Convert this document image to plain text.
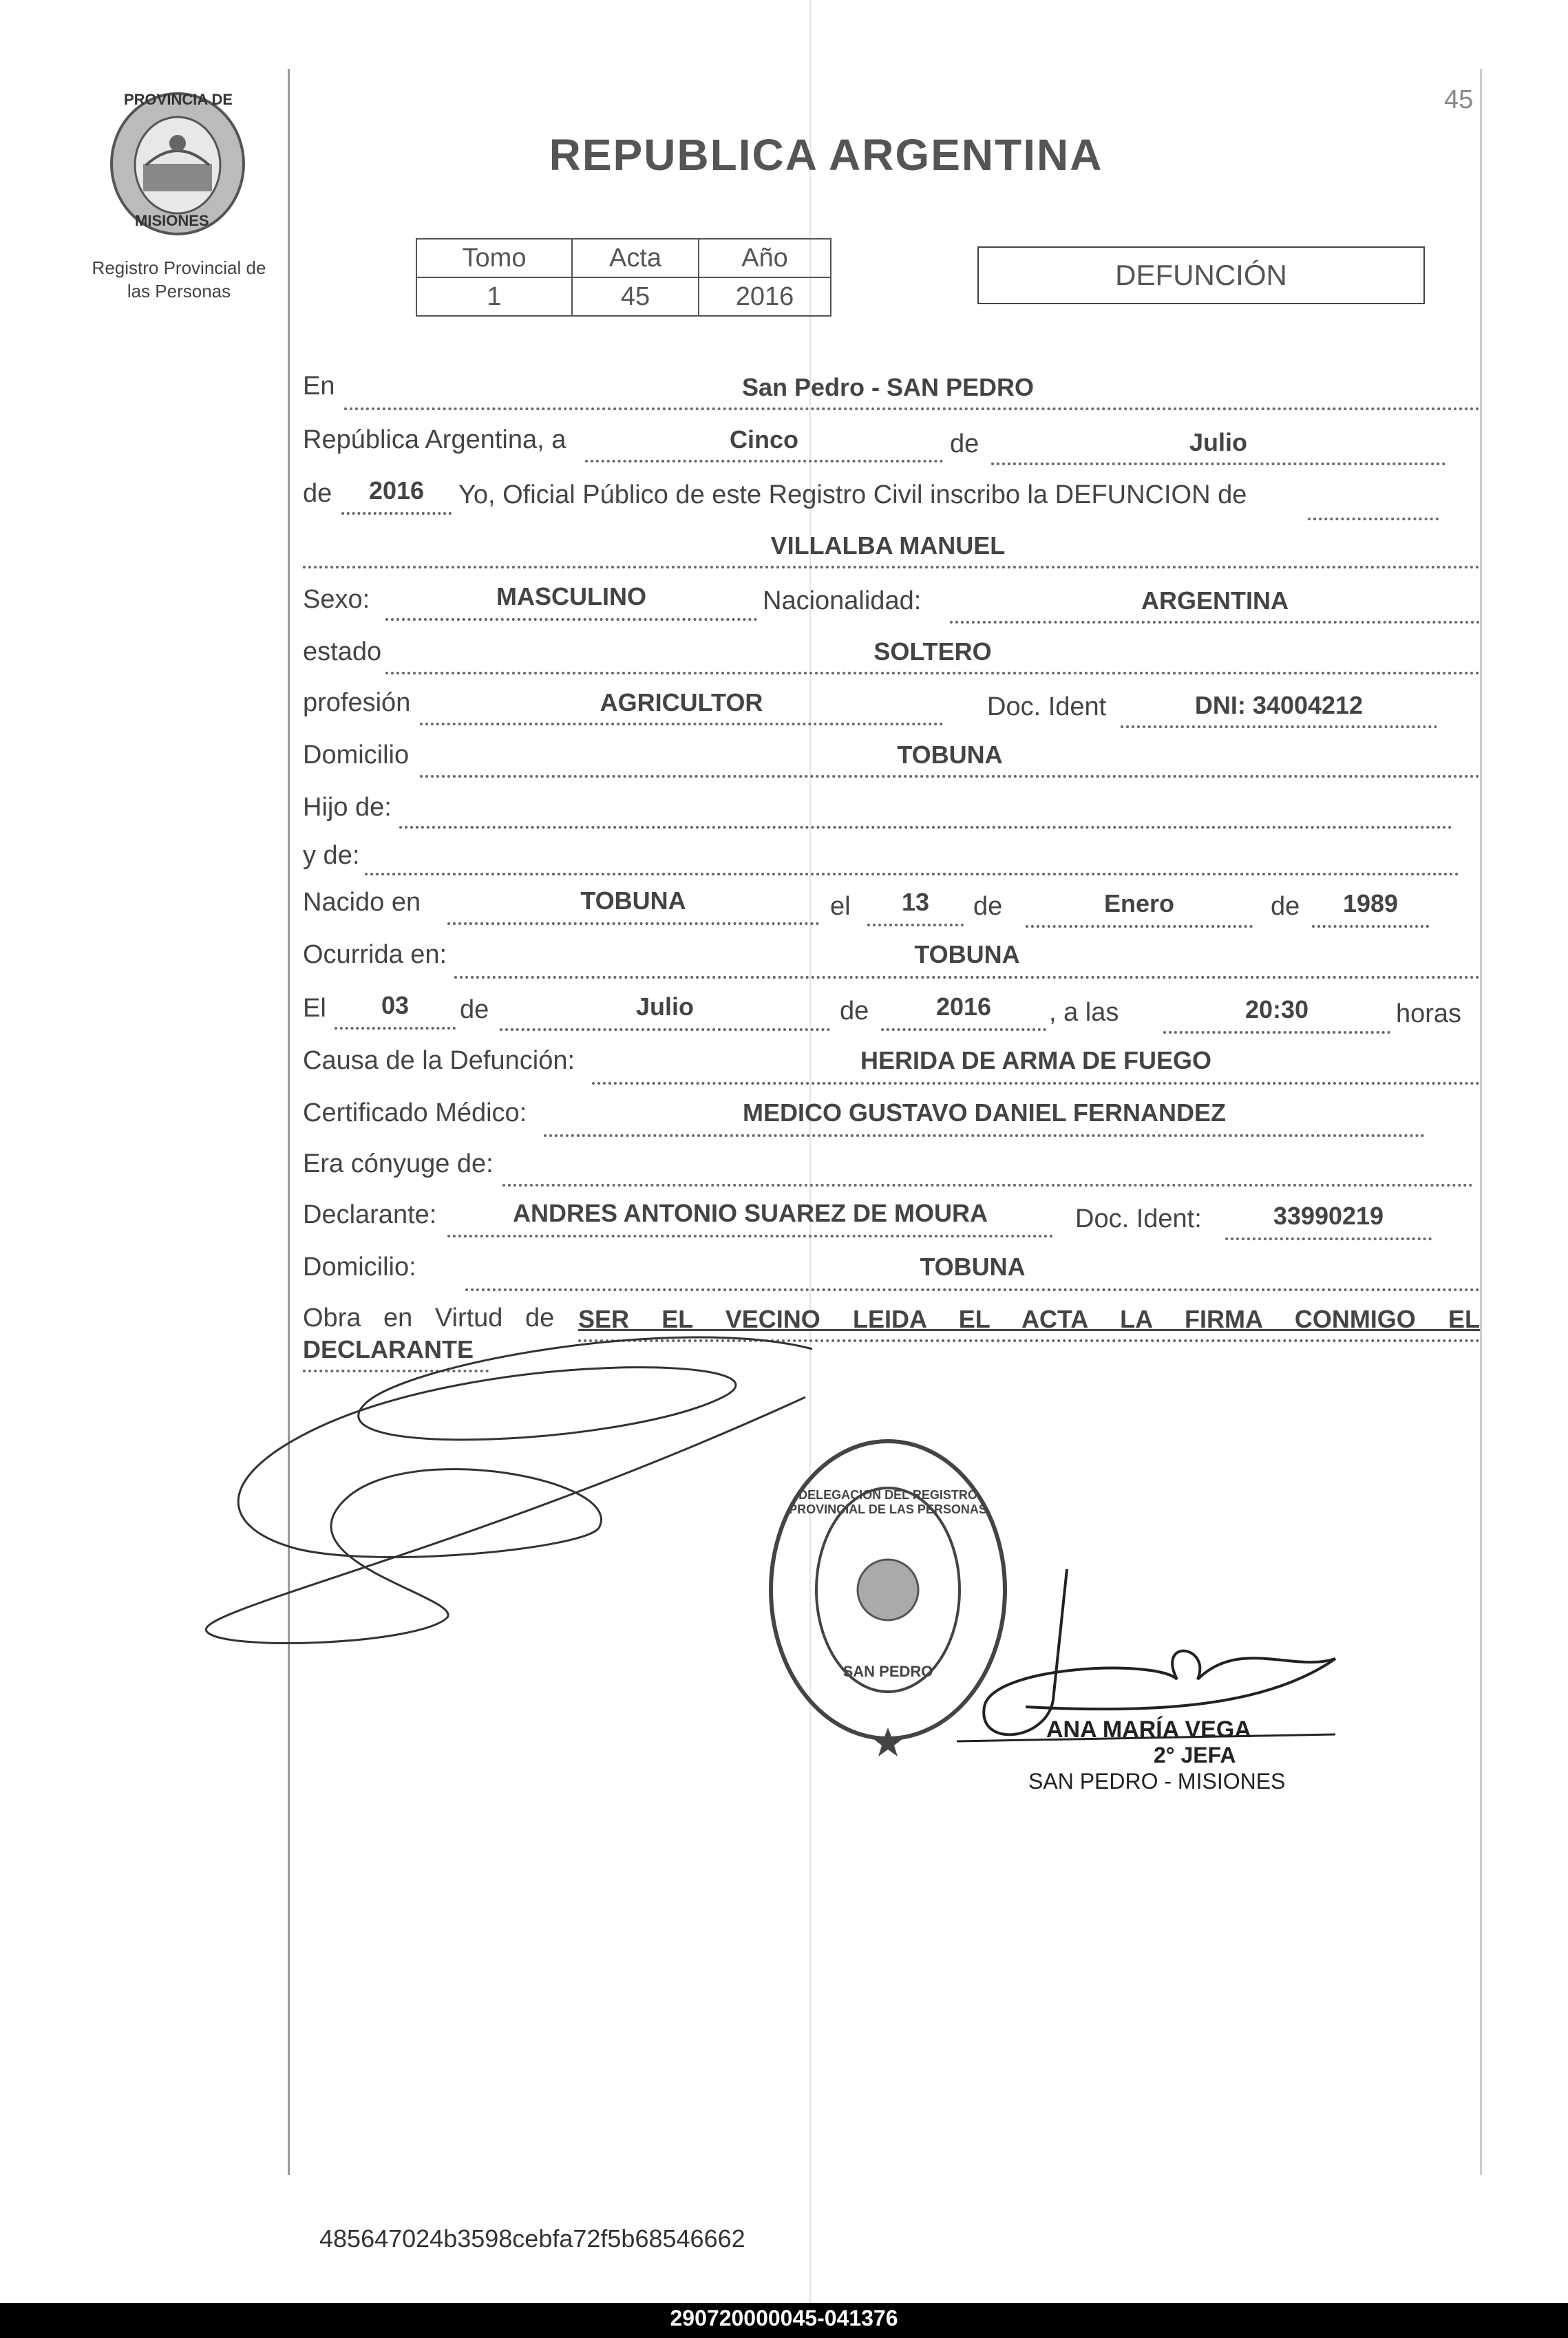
45
PROVINCIA DE
MISIONES
Registro Provincial de
las Personas
REPUBLICA ARGENTINA
Tomo	Acta	Año
1	45	2016
DEFUNCIÓN
En	San Pedro - SAN PEDRO
República Argentina, a	Cinco	de	Julio
de	2016	Yo, Oficial Público de este Registro Civil inscribo la DEFUNCION de
VILLALBA MANUEL
Sexo:	MASCULINO	Nacionalidad:	ARGENTINA
estado	SOLTERO
profesión	AGRICULTOR	Doc. Ident	DNI: 34004212
Domicilio	TOBUNA
Hijo de:
y de:
Nacido en	TOBUNA	el	13	de	Enero	de	1989
Ocurrida en:	TOBUNA
El	03	de	Julio	de	2016	, a las	20:30	horas
Causa de la Defunción:	HERIDA DE ARMA DE FUEGO
Certificado Médico:	MEDICO GUSTAVO DANIEL FERNANDEZ
Era cónyuge de:
Declarante:	ANDRES ANTONIO SUAREZ DE MOURA	Doc. Ident:	33990219
Domicilio:	TOBUNA
Obra en Virtud de SER EL VECINO LEIDA EL ACTA LA FIRMA CONMIGO EL
DECLARANTE
DELEGACION DEL REGISTRO PROVINCIAL DE LAS PERSONAS
SAN PEDRO
ANA MARÍA VEGA
2° JEFA
SAN PEDRO - MISIONES
485647024b3598cebfa72f5b68546662
290720000045-041376
